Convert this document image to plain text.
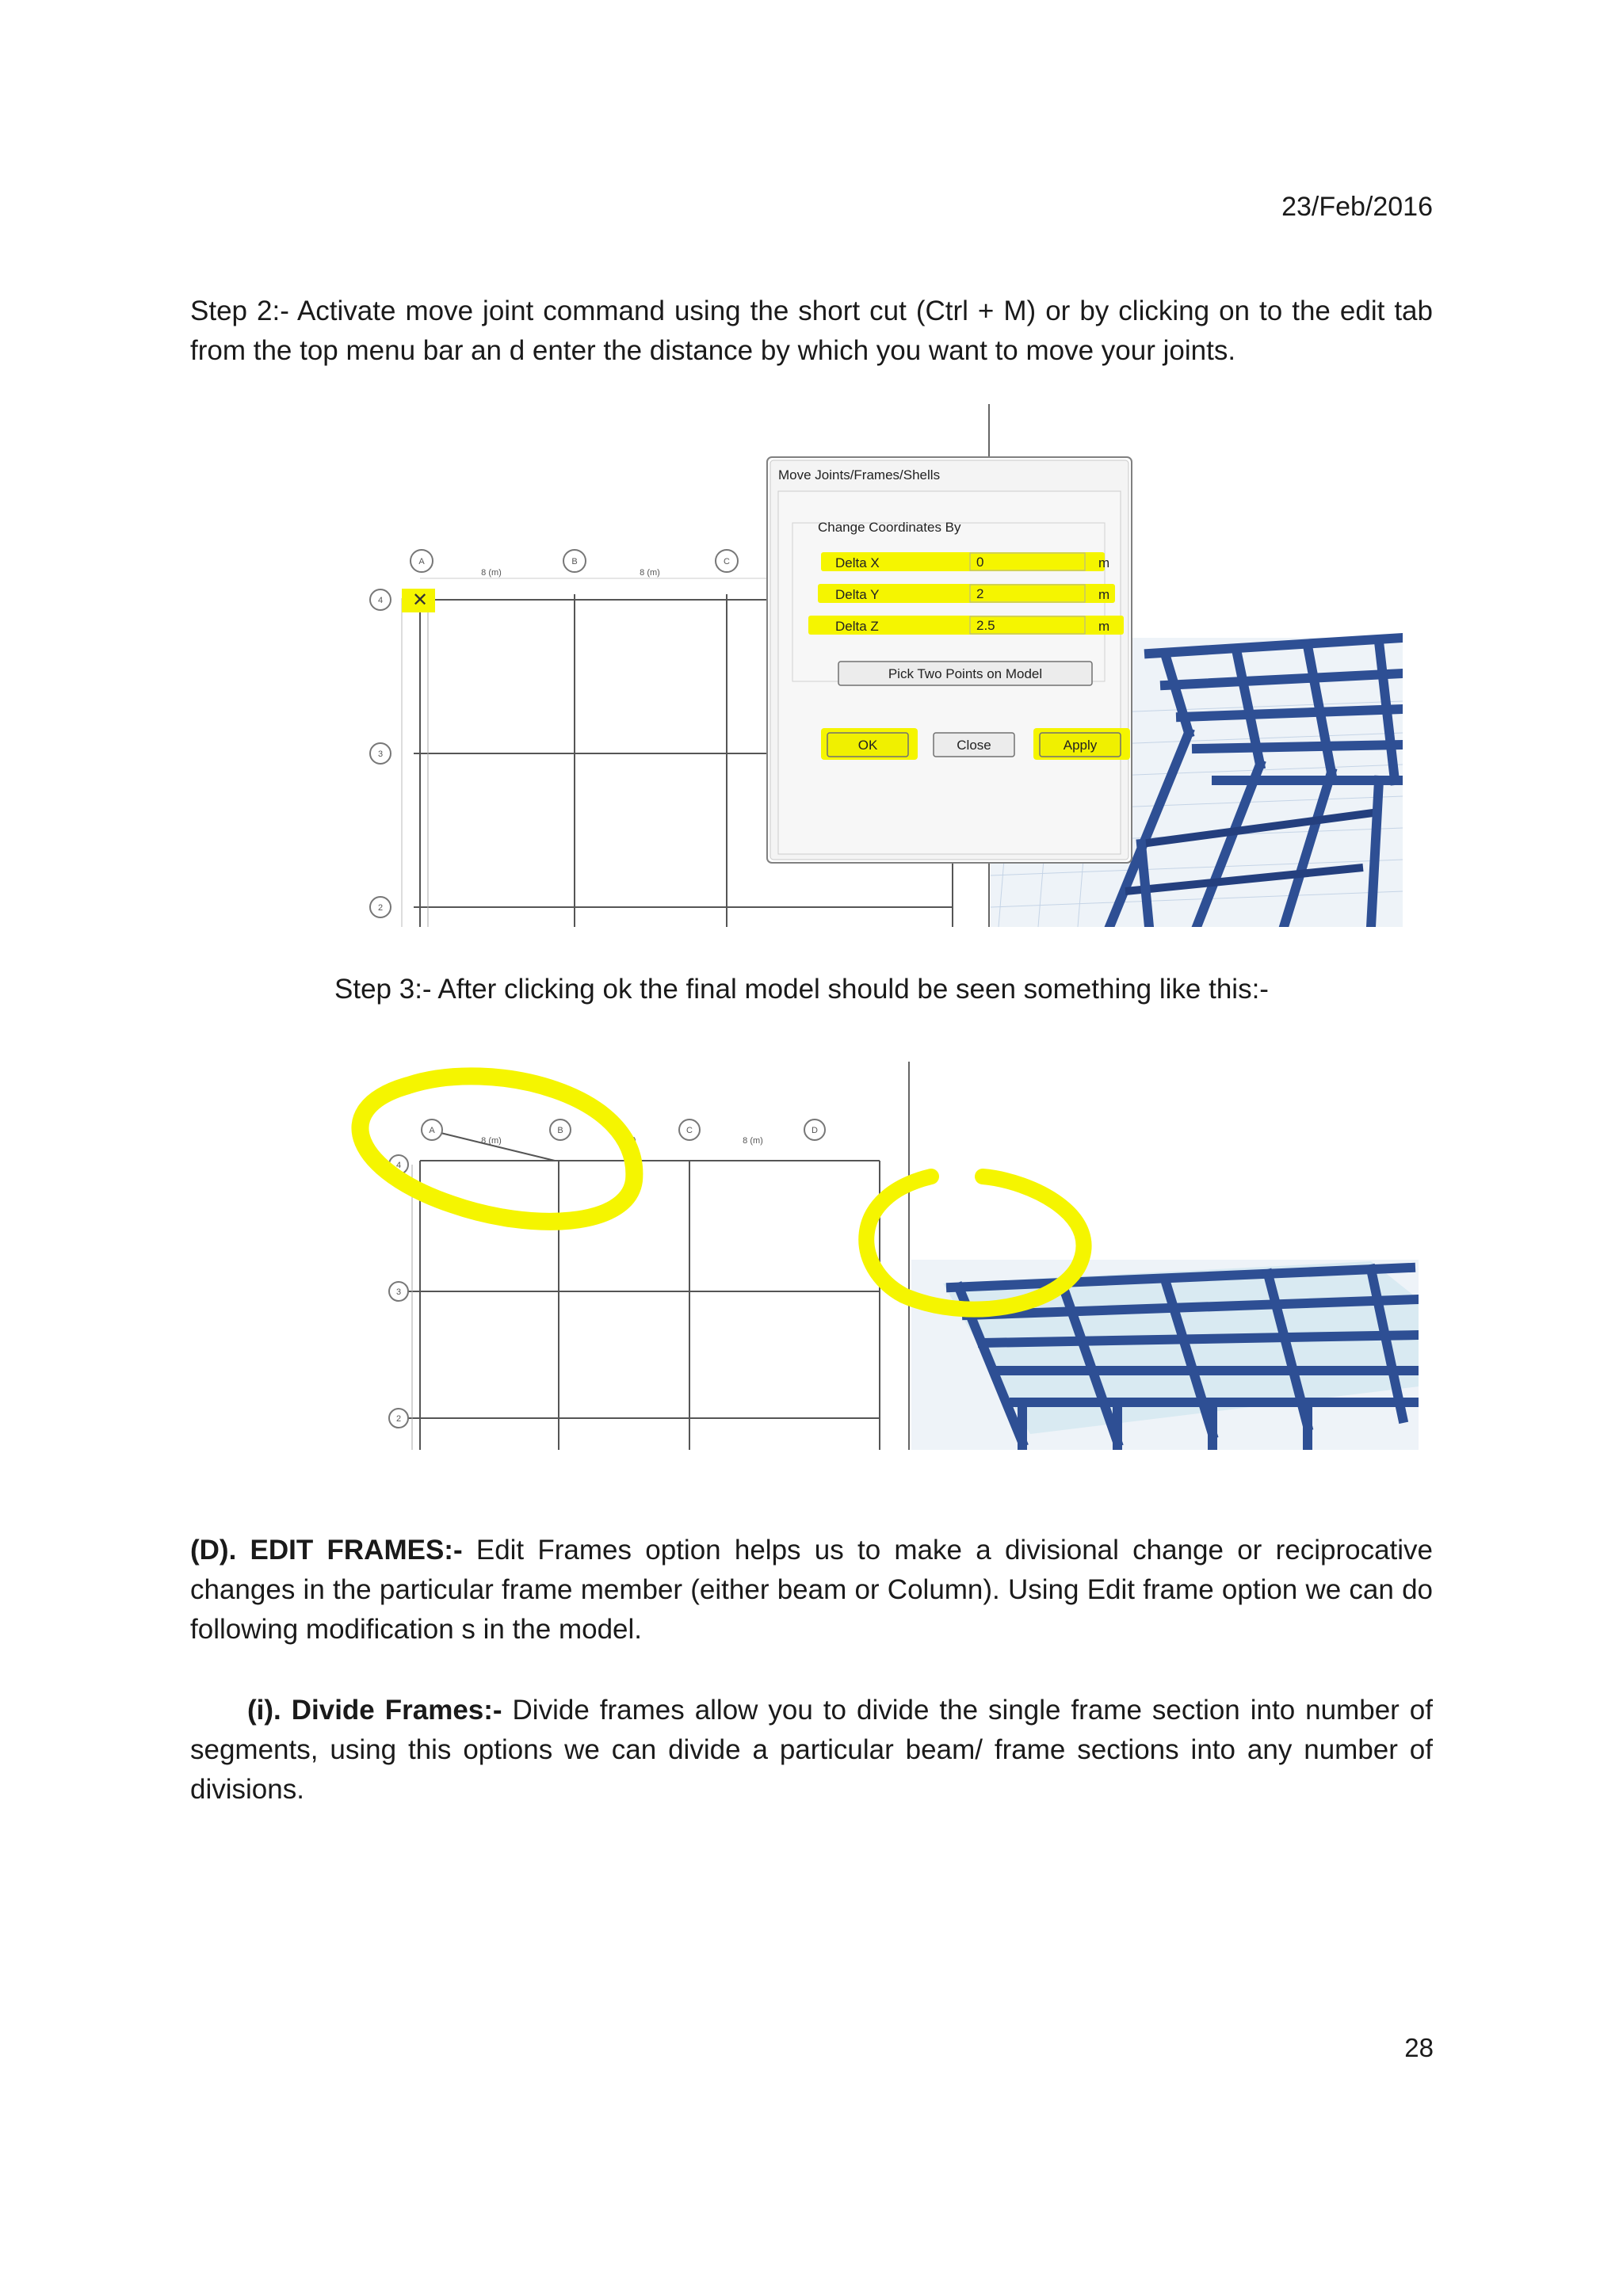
23/Feb/2016

Step 2:- Activate move joint command using the short cut (Ctrl + M) or by clicking on to the edit tab from the top menu bar an d enter the distance by which you want to move your joints.

8 (m)	8 (m)
✕
A	B	C
4
3
2
Move Joints/Frames/Shells
Change Coordinates By
Delta X	0	m
Delta Y	2	m
Delta Z	2.5	m
Pick Two Points on Model
OK	Close	Apply
Step 3:- After clicking ok the final model should be seen something like this:-
8 (m)	8 (m)	8 (m)
A	B	C	D
4
3
2

(D). EDIT FRAMES:- Edit Frames option helps us to make a divisional change or reciprocative changes in the particular frame member (either beam or Column). Using Edit frame option we can do following modification s in the model.

(i). Divide Frames:- Divide frames allow you to divide the single frame section into number of segments, using this options we can divide a particular beam/ frame sections into any number of divisions.

28
